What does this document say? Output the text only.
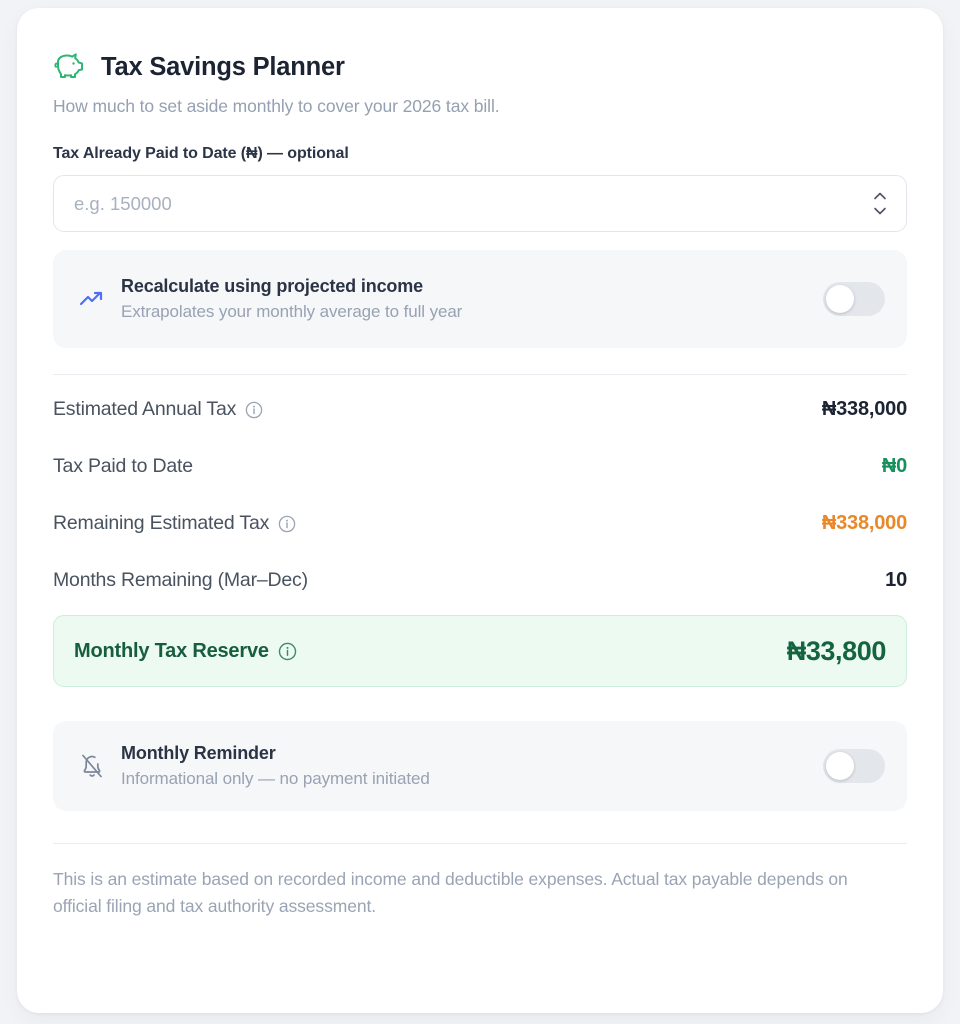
Tax Savings Planner
How much to set aside monthly to cover your 2026 tax bill.
Tax Already Paid to Date (₦) — optional
e.g. 150000
Recalculate using projected income
Extrapolates your monthly average to full year
Estimated Annual Tax	₦338,000
Tax Paid to Date	₦0
Remaining Estimated Tax	₦338,000
Months Remaining (Mar–Dec)	10
Monthly Tax Reserve	₦33,800
Monthly Reminder
Informational only — no payment initiated
This is an estimate based on recorded income and deductible expenses. Actual tax payable depends on official filing and tax authority assessment.
